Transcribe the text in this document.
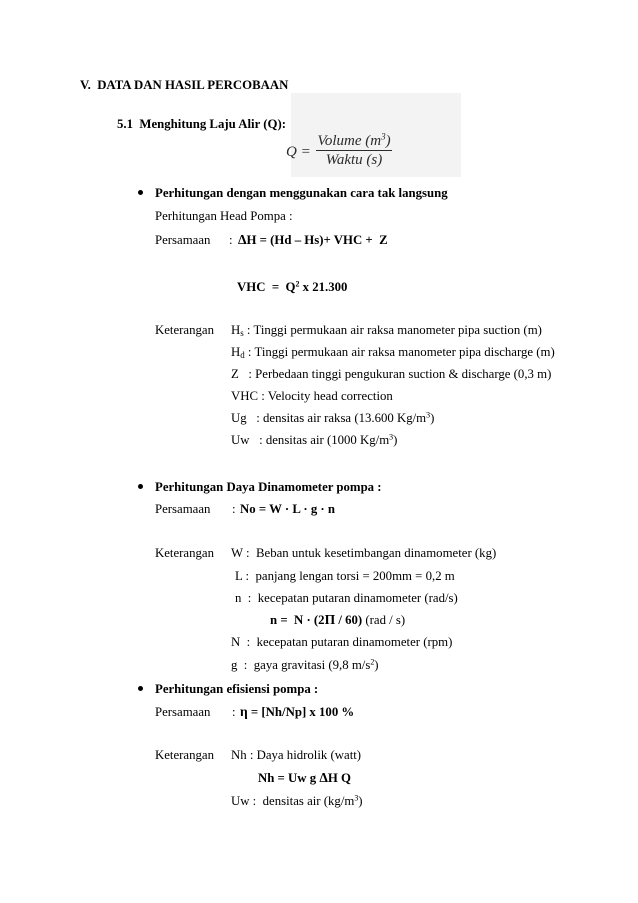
V.  DATA DAN HASIL PERCOBAAN
5.1  Menghitung Laju Alir (Q):
Q =
Volume $(m^3)$
Waktu (s)
Perhitungan dengan menggunakan cara tak langsung
Perhitungan Head Pompa :
Persamaan : ΔH = (Hd – Hs)+ VHC +  Z
VHC  =  $Q^2$ x 21.300
Keterangan $H_s$ : Tinggi permukaan air raksa manometer pipa suction (m)
$H_d$ : Tinggi permukaan air raksa manometer pipa discharge (m)
Z   : Perbedaan tinggi pengukuran suction & discharge (0,3 m)
VHC : Velocity head correction
Ug   : densitas air raksa (13.600 $Kg/m^3$)
Uw   : densitas air (1000 $Kg/m^3$)
Perhitungan Daya Dinamometer pompa :
Persamaan : No = W · L · g · n
Keterangan W :  Beban untuk kesetimbangan dinamometer (kg)
L :  panjang lengan torsi = 200mm = 0,2 m
n  :  kecepatan putaran dinamometer (rad/s)
n =  N · (2Π / 60) (rad / s)
N  :  kecepatan putaran dinamometer (rpm)
g  :  gaya gravitasi (9,8 $m/s^2$)
Perhitungan efisiensi pompa :
Persamaan : η = [Nh/Np] x 100 %
Keterangan Nh : Daya hidrolik (watt)
Nh = Uw g ΔH Q
Uw :  densitas air $(kg/m^3)$
